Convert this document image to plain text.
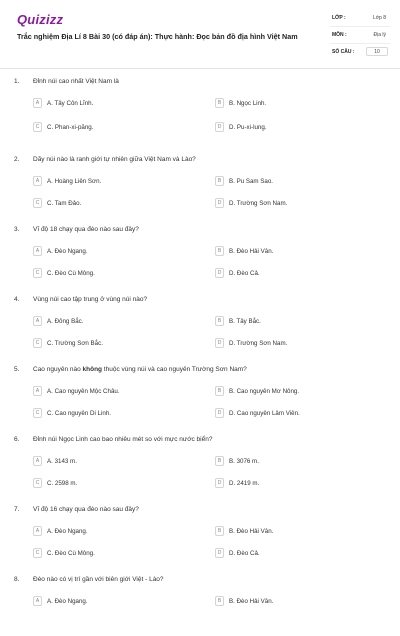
Quizizz
Trắc nghiệm Địa Lí 8 Bài 30 (có đáp án): Thực hành: Đọc bản đồ địa hình Việt Nam
LỚP :	Lớp 8
MÔN :	Địa lý
SỐ CÂU :	10
1. Đỉnh núi cao nhất Việt Nam là
A	A. Tây Côn Lĩnh.	B	B. Ngọc Linh.
C	C. Phan-xi-păng.	D	D. Pu-xi-lung.
2. Dãy núi nào là ranh giới tự nhiên giữa Việt Nam và Lào?
A	A. Hoàng Liên Sơn.	B	B. Pu Sam Sao.
C	C. Tam Đảo.	D	D. Trường Sơn Nam.
3. Vĩ độ 18 chạy qua đèo nào sau đây?
A	A. Đèo Ngang.	B	B. Đèo Hải Vân.
C	C. Đèo Cù Mông.	D	D. Đèo Cả.
4. Vùng núi cao tập trung ở vùng núi nào?
A	A. Đông Bắc.	B	B. Tây Bắc.
C	C. Trường Sơn Bắc.	D	D. Trường Sơn Nam.
5. Cao nguyên nào không thuộc vùng núi và cao nguyên Trường Sơn Nam?
A	A. Cao nguyên Mộc Châu.	B	B. Cao nguyên Mơ Nông.
C	C. Cao nguyên Di Linh.	D	D. Cao nguyên Lâm Viên.
6. Đỉnh núi Ngọc Linh cao bao nhiêu mét so với mực nước biển?
A	A. 3143 m.	B	B. 3076 m.
C	C. 2598 m.	D	D. 2419 m.
7. Vĩ độ 16 chạy qua đèo nào sau đây?
A	A. Đèo Ngang.	B	B. Đèo Hải Vân.
C	C. Đèo Cù Mông.	D	D. Đèo Cả.
8. Đèo nào có vị trí gần với biên giới Việt - Lào?
A	A. Đèo Ngang.	B	B. Đèo Hải Vân.
